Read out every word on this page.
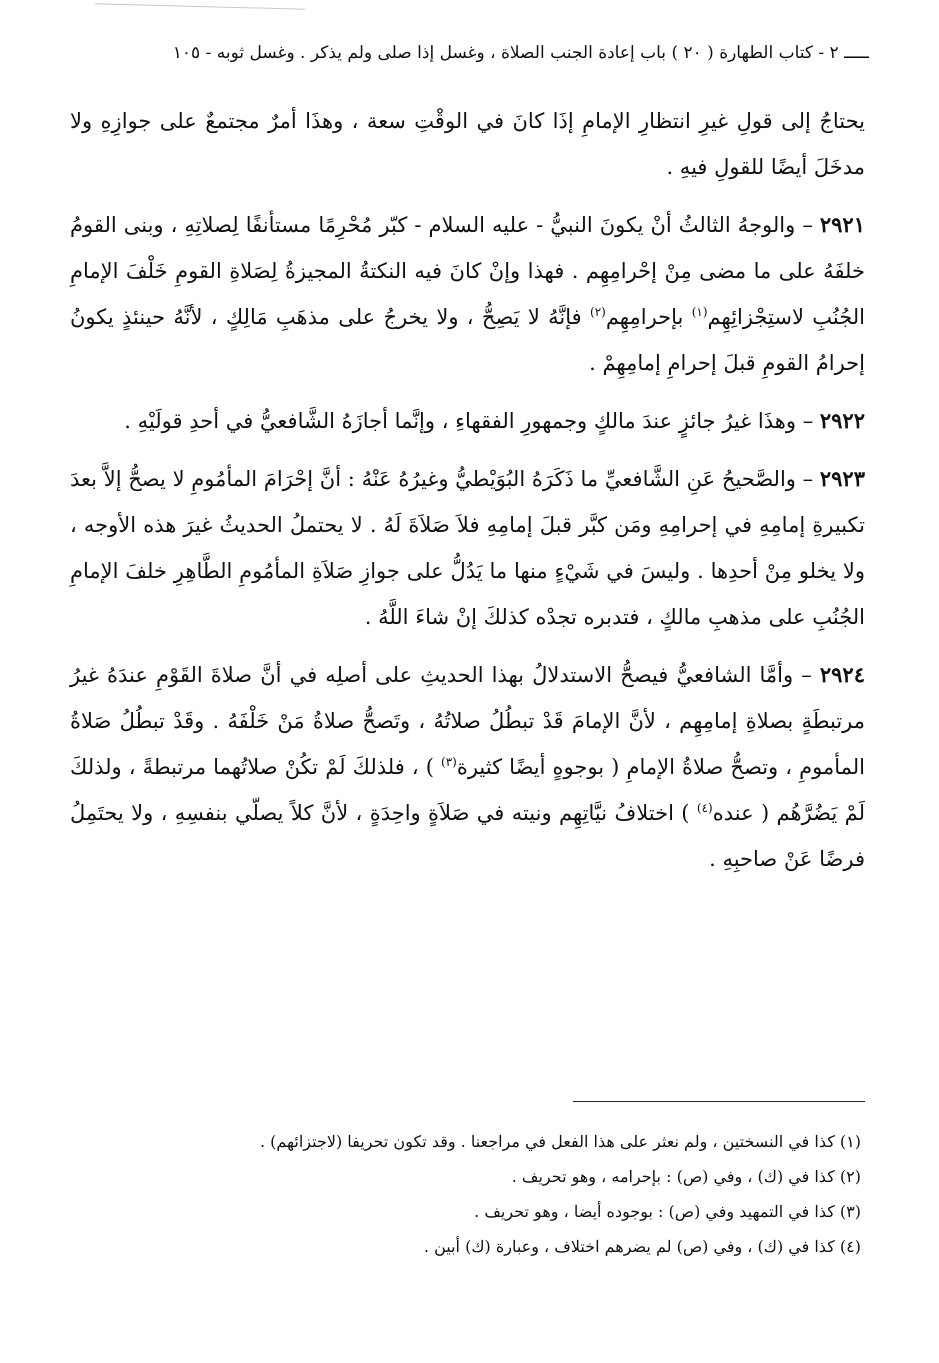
ـــــ ٢ - كتاب الطهارة ( ٢٠ ) باب إعادة الجنب الصلاة ، وغسل إذا صلى ولم يذكر . وغسل ثوبه - ١٠٥

يحتاجُ إلى قولِ غيرِ انتظارِ الإمامِ إذَا كانَ في الوقْتِ سعة ، وهذَا أمرٌ مجتمعٌ على جوازِهِ ولا مدخَلَ أيضًا للقولِ فيهِ .

٢٩٢١ – والوجهُ الثالثُ أنْ يكونَ النبيُّ - عليه السلام - كبّر مُحْرِمًا مستأنفًا لِصلاتِهِ ، وبنى القومُ خلفَهُ على ما مضى مِنْ إحْرامِهِم . فهذا وإنْ كانَ فيه النكتةُ المجيزةُ لِصَلاةِ القومِ خَلْفَ الإمامِ الجُنُبِ لاستِجْزائِهِم$^{(١)}$ بإحرامِهِم$^{(٢)}$ فإنَّهُ لا يَصِحُّ ، ولا يخرجُ على مذهَبِ مَالِكٍ ، لأنَّهُ حينئذٍ يكونُ إحرامُ القومِ قبلَ إحرامِ إمامِهِمْ .

٢٩٢٢ – وهذَا غيرُ جائزٍ عندَ مالكٍ وجمهورِ الفقهاءِ ، وإنَّما أجازَهُ الشَّافعيُّ في أحدِ قولَيْهِ .

٢٩٢٣ – والصَّحيحُ عَنِ الشَّافعيِّ ما ذَكَرَهُ البُوَيْطيُّ وغيرُهُ عَنْهُ : أنَّ إحْرَامَ المأمُومِ لا يصحُّ إلاَّ بعدَ تكبيرةِ إمامِهِ في إحرامِهِ ومَن كبَّر قبلَ إمامِهِ فلاَ صَلاَةَ لَهُ . لا يحتملُ الحديثُ غيرَ هذه الأوجه ، ولا يخلو مِنْ أحدِها . وليسَ في شَيْءٍ منها ما يَدُلُّ على جوازِ صَلاَةِ المأمُومِ الطَّاهِرِ خلفَ الإمامِ الجُنُبِ على مذهبِ مالكٍ ، فتدبره تجدْه كذلكَ إنْ شاءَ اللَّهُ .

٢٩٢٤ – وأمَّا الشافعيُّ فيصحُّ الاستدلالُ بهذا الحديثِ على أصلِه في أنَّ صلاةَ القَوْمِ عندَهُ غيرُ مرتبطَةٍ بصلاةِ إمامِهِم ، لأنَّ الإمامَ قَدْ تبطُلُ صلاتُهُ ، وتَصحُّ صلاةُ مَنْ خَلْفَهُ . وقَدْ تبطُلُ صَلاةُ المأمومِ ، وتصحُّ صلاةُ الإمامِ ( بوجوهٍ أيضًا كثيرة$^{(٣)}$ ) ، فلذلكَ لَمْ تكُنْ صلاتُهما مرتبطةً ، ولذلكَ لَمْ يَضُرَّهُم ( عنده$^{(٤)}$ ) اختلافُ نيَّاتِهِم ونيته في صَلاَةٍ واحِدَةٍ ، لأنَّ كلاً يصلّي بنفسِهِ ، ولا يحتَمِلُ فرضًا عَنْ صاحبِهِ .

(١) كذا في النسختين ، ولم نعثر على هذا الفعل في مراجعنا . وقد تكون تحريفا (لاجتزائهم) .

(٢) كذا في (ك) ، وفي (ص) : بإحرامه ، وهو تحريف .

(٣) كذا في التمهيد وفي (ص) : بوجوده أيضا ، وهو تحريف .

(٤) كذا في (ك) ، وفي (ص) لم يضرهم اختلاف ، وعبارة (ك) أبين .
